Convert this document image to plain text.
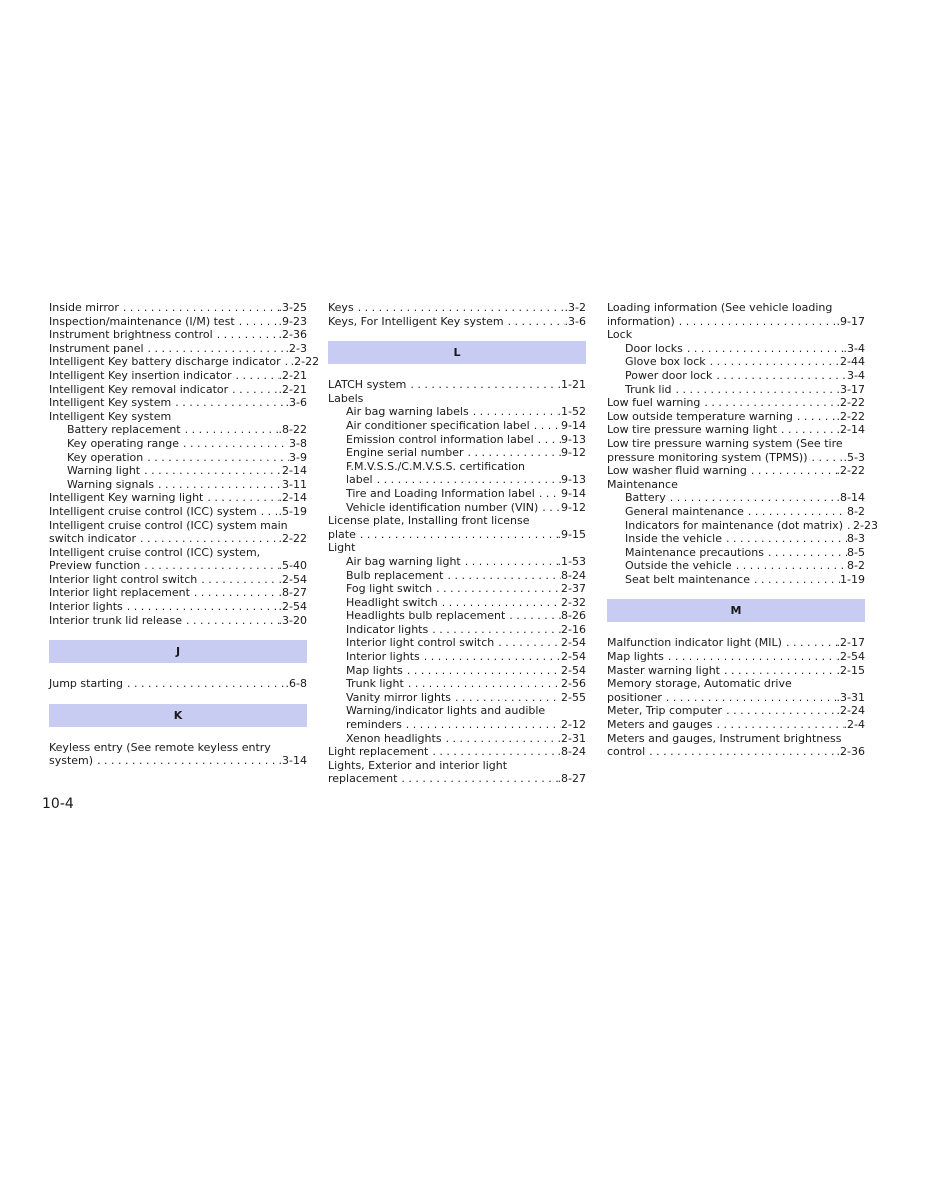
Inside mirror . . .	.3-25
Inspection/maintenance (I/M) test . . .	.9-23
Instrument brightness control . . .	.2-36
Instrument panel . . .	.2-3
Intelligent Key battery discharge indicator . . . .2-22
Intelligent Key insertion indicator . . .	.2-21
Intelligent Key removal indicator . . .	.2-21
Intelligent Key system . . .	.3-6
Intelligent Key system
Battery replacement . . .	.8-22
Key operating range . . .	3-8
Key operation . . .	3-9
Warning light . . .	2-14
Warning signals . . .	3-11
Intelligent Key warning light . . .	.2-14
Intelligent cruise control (ICC) system . . . .5-19
Intelligent cruise control (ICC) system main
switch indicator . . .	.2-22
Intelligent cruise control (ICC) system,
Preview function . . .	.5-40
Interior light control switch . . .	.2-54
Interior light replacement . . .	.8-27
Interior lights . . .	.2-54
Interior trunk lid release . . .	.3-20
J
Jump starting . . .	.6-8
K
Keyless entry (See remote keyless entry
system) . . .	.3-14
Keys . . .	.3-2
Keys, For Intelligent Key system . . .	.3-6
L
LATCH system . . .	.1-21
Labels
Air bag warning labels . . .	.1-52
Air conditioner specification label . . .	9-14
Emission control information label . . . 9-13
Engine serial number . . .	9-12
F.M.V.S.S./C.M.V.S.S. certification
label . . .	9-13
Tire and Loading Information label . . . 9-14
Vehicle identification number (VIN) . . . 9-12
License plate, Installing front license
plate . . .	.9-15
Light
Air bag warning light . . .	.1-53
Bulb replacement . . .	8-24
Fog light switch . . .	2-37
Headlight switch . . .	2-32
Headlights bulb replacement . . .	8-26
Indicator lights . . .	2-16
Interior light control switch . . .	2-54
Interior lights . . .	2-54
Map lights . . .	2-54
Trunk light . . .	2-56
Vanity mirror lights . . .	2-55
Warning/indicator lights and audible
reminders . . .	2-12
Xenon headlights . . .	2-31
Light replacement . . .	.8-24
Lights, Exterior and interior light
replacement . . .	.8-27
Loading information (See vehicle loading
information) . . .	.9-17
Lock
Door locks . . .	.3-4
Glove box lock . . .	2-44
Power door lock . . .	3-4
Trunk lid . . .	3-17
Low fuel warning . . .	.2-22
Low outside temperature warning . . .	.2-22
Low tire pressure warning light . . .	.2-14
Low tire pressure warning system (See tire
pressure monitoring system (TPMS)) . . .	.5-3
Low washer fluid warning . . .	.2-22
Maintenance
Battery . . .	.8-14
General maintenance . . .	8-2
Indicators for maintenance (dot matrix) . . . 2-23
Inside the vehicle . . .	8-3
Maintenance precautions . . .	8-5
Outside the vehicle . . .	8-2
Seat belt maintenance . . .	1-19
M
Malfunction indicator light (MIL) . . .	.2-17
Map lights . . .	.2-54
Master warning light . . .	.2-15
Memory storage, Automatic drive
positioner . . .	.3-31
Meter, Trip computer . . .	.2-24
Meters and gauges . . .	.2-4
Meters and gauges, Instrument brightness
control . . .	.2-36
10-4
